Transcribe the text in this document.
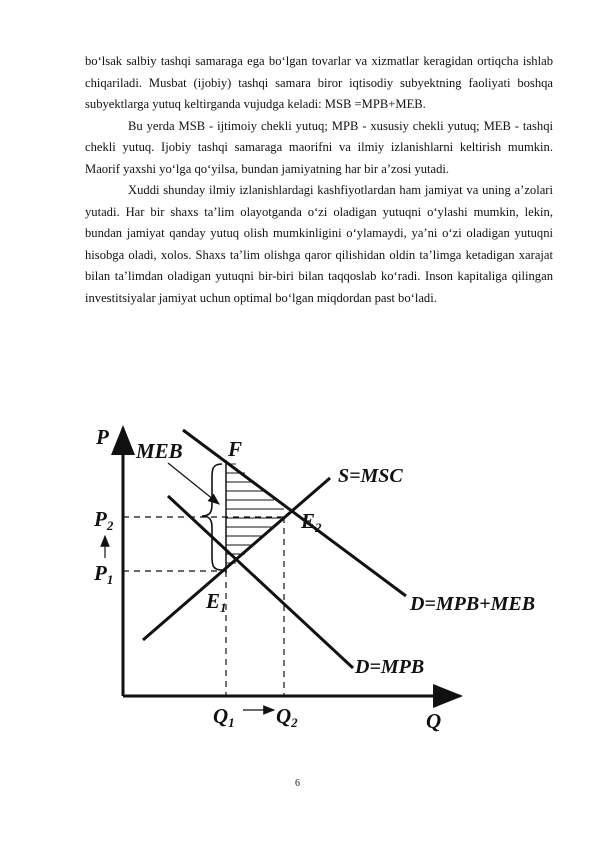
bo‘lsak salbiy tashqi samaraga ega bo‘lgan tovarlar va xizmatlar keragidan ortiqcha ishlab chiqariladi. Musbat (ijobiy) tashqi samara biror iqtisodiy subyektning faoliyati boshqa subyektlarga yutuq keltirganda vujudga keladi: MSB =MPB+MEB.

Bu yerda MSB - ijtimoiy chekli yutuq; MPB - xususiy chekli yutuq; MEB - tashqi chekli yutuq. Ijobiy tashqi samaraga maorifni va ilmiy izlanishlarni keltirish mumkin. Maorif yaxshi yo‘lga qo‘yilsa, bundan jamiyatning har bir a’zosi yutadi.

Xuddi shunday ilmiy izlanishlardagi kashfiyotlardan ham jamiyat va uning a’zolari yutadi. Har bir shaxs ta’lim olayotganda o‘zi oladigan yutuqni o‘ylashi mumkin, lekin, bundan jamiyat qanday yutuq olish mumkinligini o‘ylamaydi, ya’ni o‘zi oladigan yutuqni hisobga oladi, xolos. Shaxs ta’lim olishga qaror qilishidan oldin ta’limga ketadigan xarajat bilan ta’limdan oladigan yutuqni bir-biri bilan taqqoslab ko‘radi. Inson kapitaliga qilingan investitsiyalar jamiyat uchun optimal bo‘lgan miqdordan past bo‘ladi.

P
Q
MEB F
S=MSC
P2
P1
E2
E1	D=MPB+MEB
D=MPB
Q1 Q2
6
